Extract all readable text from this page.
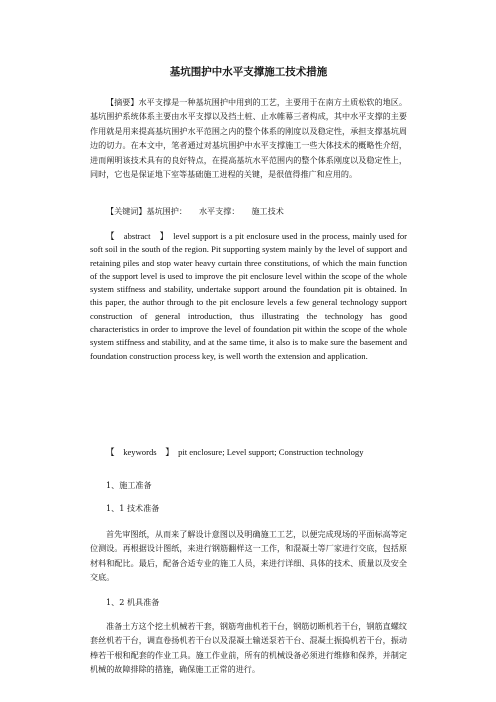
基坑围护中水平支撑施工技术措施

【摘要】水平支撑是一种基坑围护中用到的工艺，主要用于在南方土质松软的地区。基坑围护系统体系主要由水平支撑以及挡土桩、止水帷幕三者构成，其中水平支撑的主要作用就是用来提高基坑围护水平范围之内的整个体系的刚度以及稳定性，承担支撑基坑周边的切力。在本文中，笔者通过对基坑围护中水平支撑施工一些大体技术的概略性介绍，进而阐明该技术具有的良好特点，在提高基坑水平范围内的整个体系刚度以及稳定性上，同时，它也是保证地下室等基础施工进程的关键，是很值得推广和应用的。

【关键词】基坑围护： 水平支撑： 施工技术

【　abstract　】　level support is a pit enclosure used in the process, mainly used for soft soil in the south of the region. Pit supporting system mainly by the level of support and retaining piles and stop water heavy curtain three constitutions, of which the main function of the support level is used to improve the pit enclosure level within the scope of the whole system stiffness and stability, undertake support around the foundation pit is obtained. In this paper, the author through to the pit enclosure levels a few general technology support construction of general introduction, thus illustrating the technology has good characteristics in order to improve the level of foundation pit within the scope of the whole system stiffness and stability, and at the same time, it also is to make sure the basement and foundation construction process key, is well worth the extension and application.

【　keywords　】　pit enclosure; Level support; Construction technology

1、施工准备

1、1 技术准备

首先审图纸，从而来了解设计意图以及明确施工工艺，以便完成现场的平面标高等定位测设。再根据设计图纸，来进行钢筋翻样这一工作，和混凝土等厂家进行交底，包括原材料和配比。最后，配备合适专业的施工人员，来进行详细、具体的技术、质量以及安全交底。

1、2 机具准备

准备土方这个挖土机械若干套，钢筋弯曲机若干台，钢筋切断机若干台，钢筋直螺纹套丝机若干台，调直卷扬机若干台以及混凝土输送泵若干台、混凝土振捣机若干台，振动棒若干根和配套的作业工具。施工作业前，所有的机械设备必须进行维修和保养，并制定机械的故障排除的措施，确保施工正常的进行。
